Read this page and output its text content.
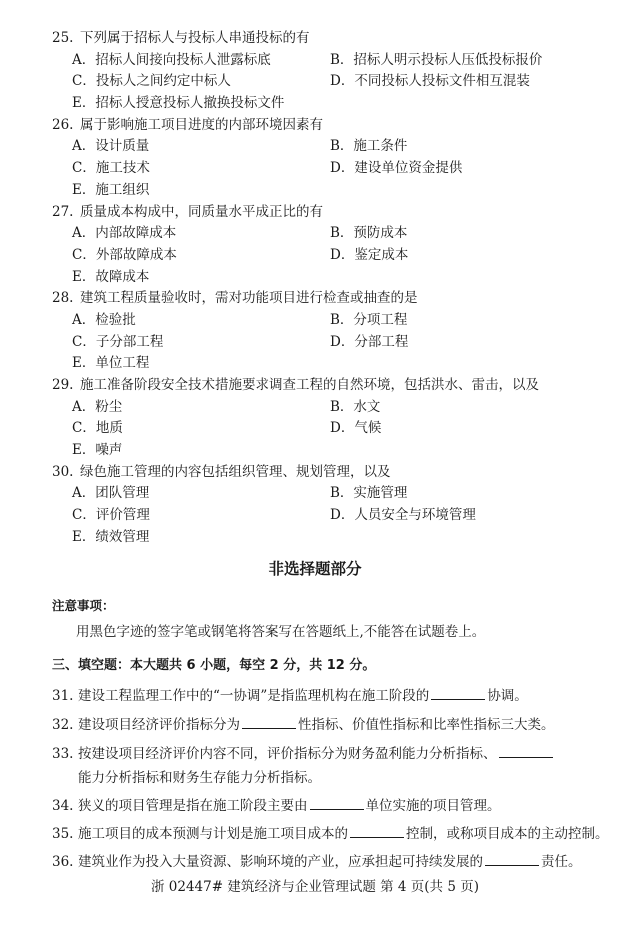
25. 下列属于招标人与投标人串通投标的有
A．招标人间接向投标人泄露标底	B．招标人明示投标人压低投标报价
C．投标人之间约定中标人	D．不同投标人投标文件相互混装
E．招标人授意投标人撤换投标文件
26. 属于影响施工项目进度的内部环境因素有
A．设计质量	B．施工条件
C．施工技术	D．建设单位资金提供
E．施工组织
27. 质量成本构成中，同质量水平成正比的有
A．内部故障成本	B．预防成本
C．外部故障成本	D．鉴定成本
E．故障成本
28. 建筑工程质量验收时，需对功能项目进行检查或抽查的是
A．检验批	B．分项工程
C．子分部工程	D．分部工程
E．单位工程
29. 施工准备阶段安全技术措施要求调查工程的自然环境，包括洪水、雷击，以及
A．粉尘	B．水文
C．地质	D．气候
E．噪声
30. 绿色施工管理的内容包括组织管理、规划管理，以及
A．团队管理	B．实施管理
C．评价管理	D．人员安全与环境管理
E．绩效管理
非选择题部分
注意事项：
用黑色字迹的签字笔或钢笔将答案写在答题纸上,不能答在试题卷上。
三、填空题：本大题共 6 小题，每空 2 分，共 12 分。
31. 建设工程监理工作中的“一协调”是指监理机构在施工阶段的	协调。
32. 建设项目经济评价指标分为	性指标、价值性指标和比率性指标三大类。
33. 按建设项目经济评价内容不同，评价指标分为财务盈利能力分析指标、
能力分析指标和财务生存能力分析指标。
34. 狭义的项目管理是指在施工阶段主要由	单位实施的项目管理。
35. 施工项目的成本预测与计划是施工项目成本的	控制，或称项目成本的主动控制。
36. 建筑业作为投入大量资源、影响环境的产业，应承担起可持续发展的	责任。
浙 02447# 建筑经济与企业管理试题 第 4 页(共 5 页)
